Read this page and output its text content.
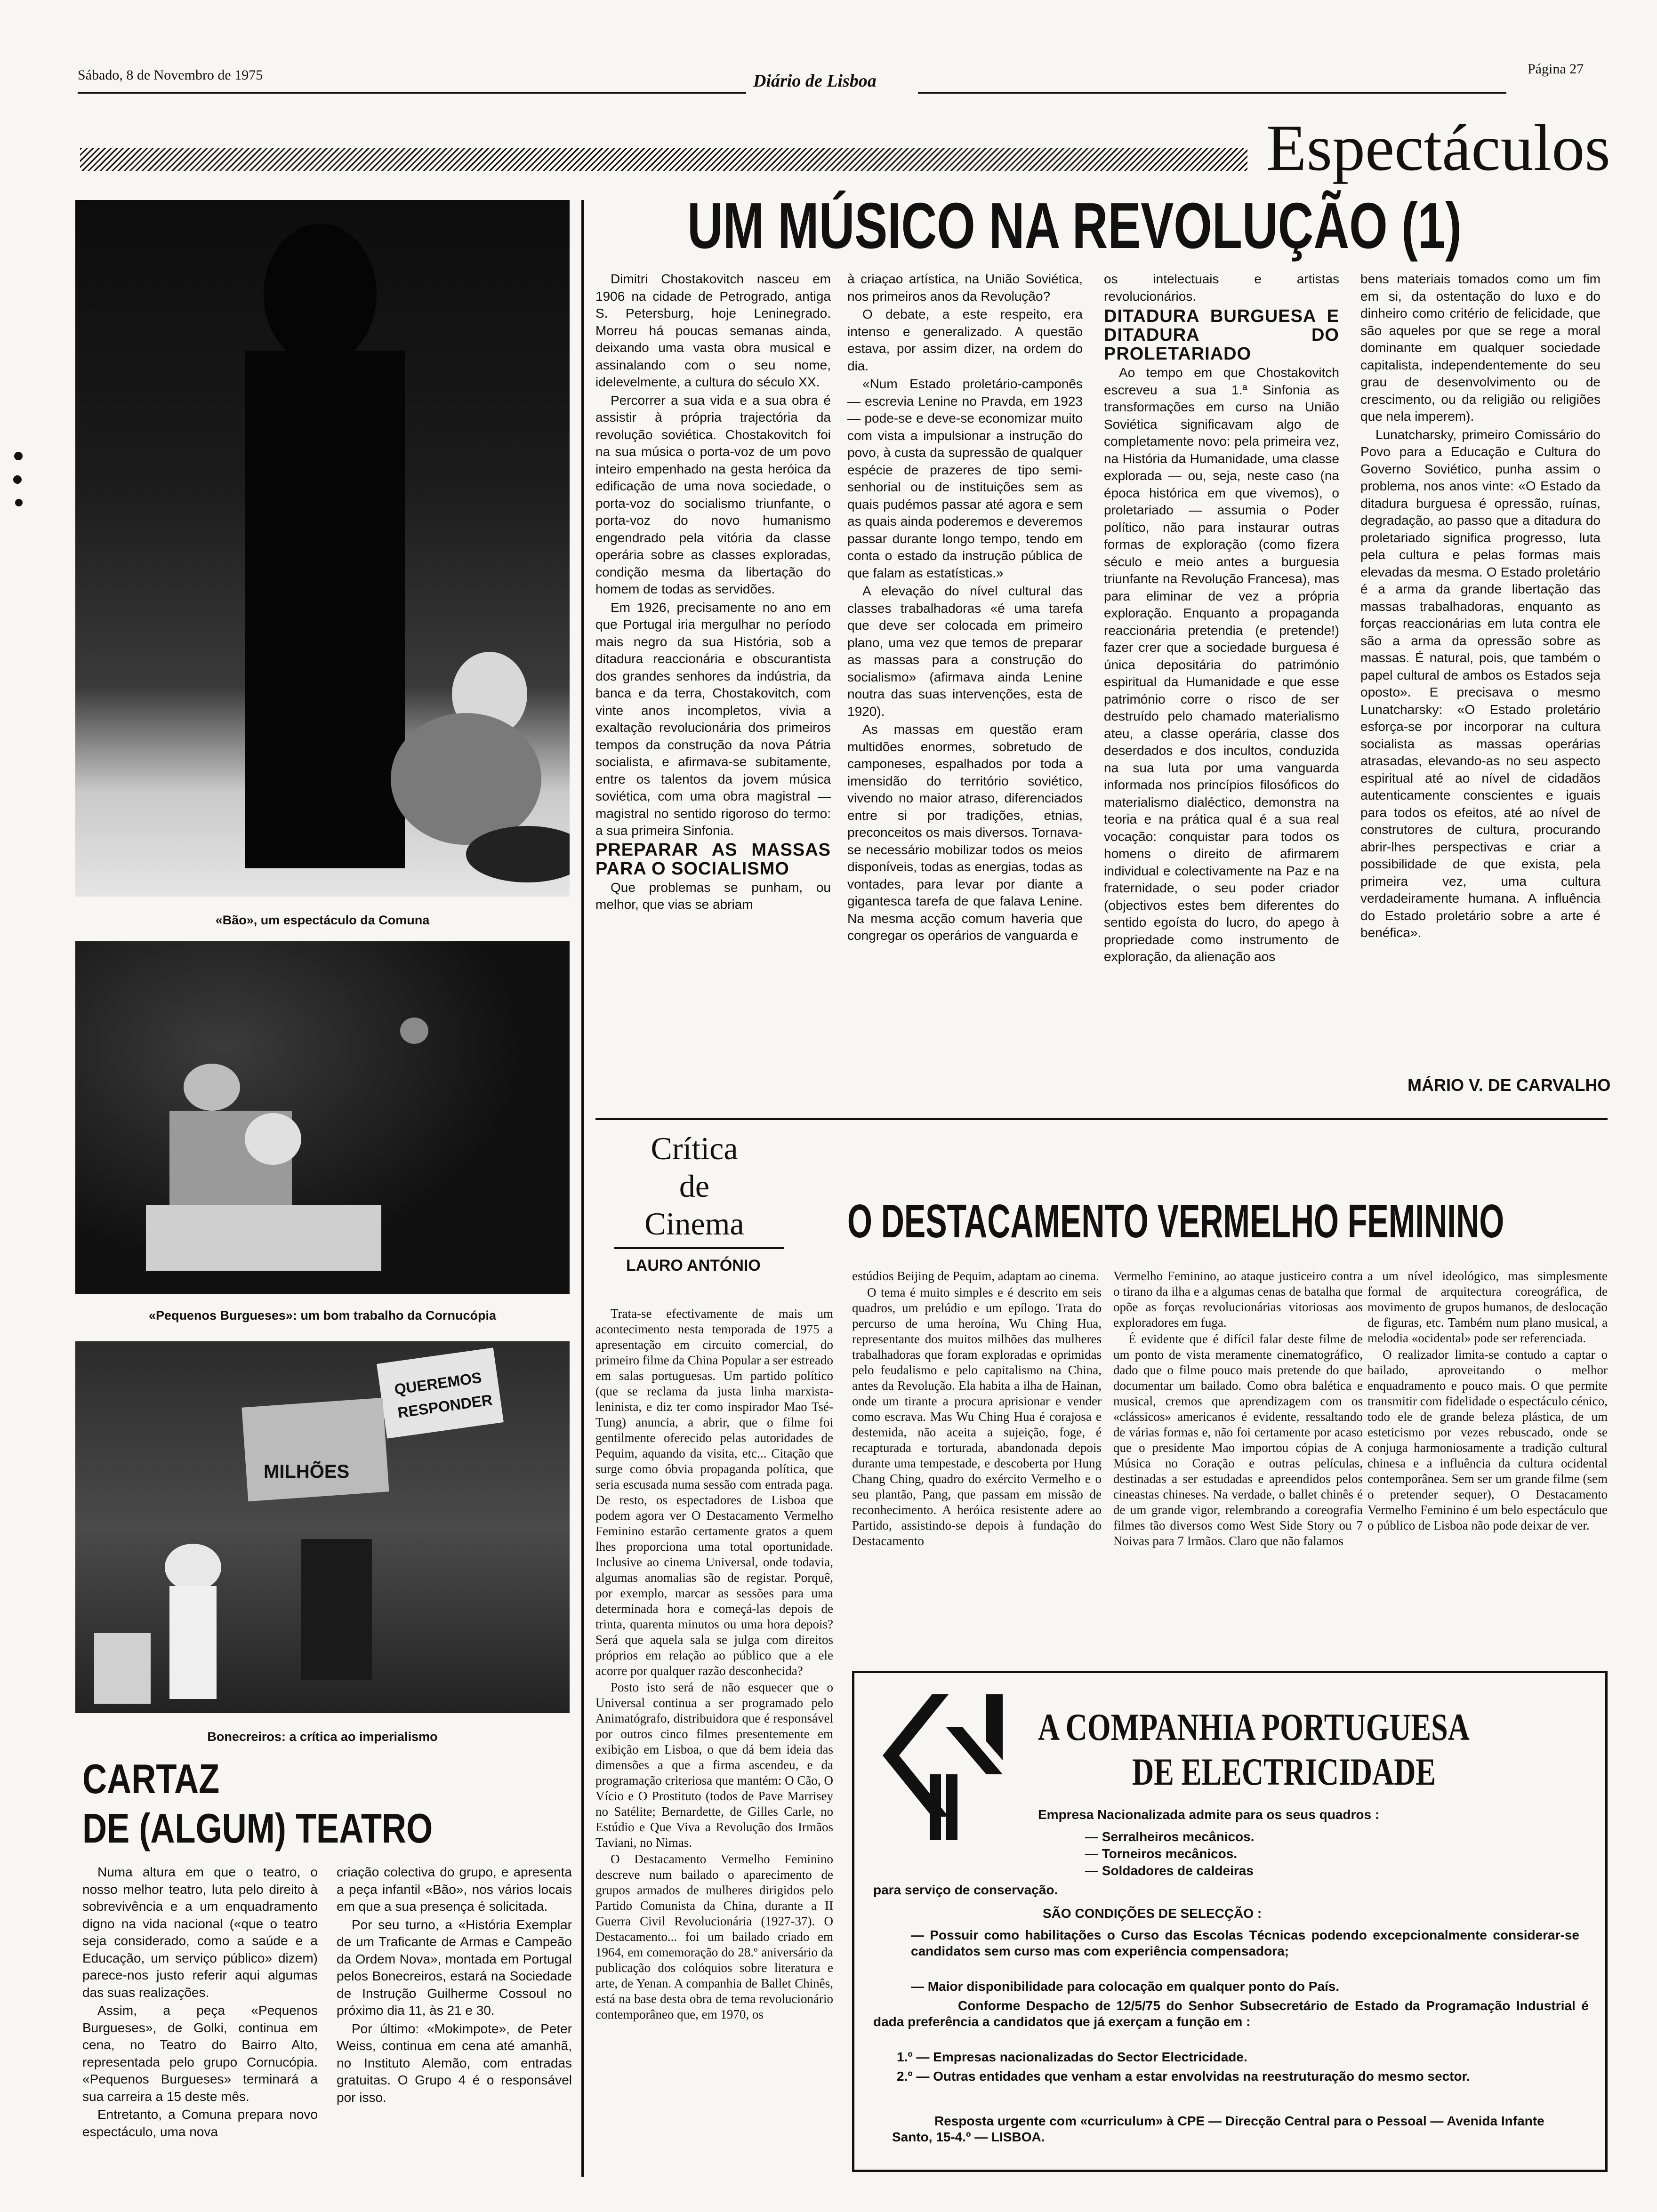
Sábado, 8 de Novembro de 1975	Diário de Lisboa
Página 27
Espectáculos
«Bão», um espectáculo da Comuna
«Pequenos Burgueses»: um bom trabalho da Cornucópia
QUEREMOS
RESPONDER
MILHÕES
Bonecreiros: a crítica ao imperialismo
CARTAZ
DE (ALGUM) TEATRO

Numa altura em que o teatro, o nosso melhor teatro, luta pelo direito à sobrevivência e a um enquadramento digno na vida nacional («que o teatro seja considerado, como a saúde e a Educação, um serviço público» dizem) parece-nos justo referir aqui algumas das suas realizações.

Assim, a peça «Pequenos Burgueses», de Golki, continua em cena, no Teatro do Bairro Alto, representada pelo grupo Cornucópia. «Pequenos Burgueses» terminará a sua carreira a 15 deste mês.

Entretanto, a Comuna prepara novo espectáculo, uma nova

criação colectiva do grupo, e apresenta a peça infantil «Bão», nos vários locais em que a sua presença é solicitada.

Por seu turno, a «História Exemplar de um Traficante de Armas e Campeão da Ordem Nova», montada em Portugal pelos Bonecreiros, estará na Sociedade de Instrução Guilherme Cossoul no próximo dia 11, às 21 e 30.

Por último: «Mokimpote», de Peter Weiss, continua em cena até amanhã, no Instituto Alemão, com entradas gratuitas. O Grupo 4 é o responsável por isso.

UM MÚSICO NA REVOLUÇÃO (1)

Dimitri Chostakovitch nasceu em 1906 na cidade de Petrogrado, antiga S. Petersburg, hoje Leninegrado. Morreu há poucas semanas ainda, deixando uma vasta obra musical e assinalando com o seu nome, idelevelmente, a cultura do século XX.

Percorrer a sua vida e a sua obra é assistir à própria trajectória da revolução soviética. Chostakovitch foi na sua música o porta-voz de um povo inteiro empenhado na gesta heróica da edificação de uma nova sociedade, o porta-voz do socialismo triunfante, o porta-voz do novo humanismo engendrado pela vitória da classe operária sobre as classes exploradas, condição mesma da libertação do homem de todas as servidões.

Em 1926, precisamente no ano em que Portugal iria mergulhar no período mais negro da sua História, sob a ditadura reaccionária e obscurantista dos grandes senhores da indústria, da banca e da terra, Chostakovitch, com vinte anos incompletos, vivia a exaltação revolucionária dos primeiros tempos da construção da nova Pátria socialista, e afirmava-se subitamente, entre os talentos da jovem música soviética, com uma obra magistral — magistral no sentido rigoroso do termo: a sua primeira Sinfonia.

PREPARAR AS MASSAS PARA O SOCIALISMO

Que problemas se punham, ou melhor, que vias se abriam

à criaçao artística, na União Soviética, nos primeiros anos da Revolução?

O debate, a este respeito, era intenso e generalizado. A questão estava, por assim dizer, na ordem do dia.

«Num Estado proletário-camponês — escrevia Lenine no Pravda, em 1923 — pode-se e deve-se economizar muito com vista a impulsionar a instrução do povo, à custa da supressão de qualquer espécie de prazeres de tipo semi-senhorial ou de instituições sem as quais pudémos passar até agora e sem as quais ainda poderemos e deveremos passar durante longo tempo, tendo em conta o estado da instrução pública de que falam as estatísticas.»

A elevação do nível cultural das classes trabalhadoras «é uma tarefa que deve ser colocada em primeiro plano, uma vez que temos de preparar as massas para a construção do socialismo» (afirmava ainda Lenine noutra das suas intervenções, esta de 1920).

As massas em questão eram multidões enormes, sobretudo de camponeses, espalhados por toda a imensidão do território soviético, vivendo no maior atraso, diferenciados entre si por tradições, etnias, preconceitos os mais diversos. Tornava-se necessário mobilizar todos os meios disponíveis, todas as energias, todas as vontades, para levar por diante a gigantesca tarefa de que falava Lenine. Na mesma acção comum haveria que congregar os operários de vanguarda e

os intelectuais e artistas revolucionários.

DITADURA BURGUESA E DITADURA DO PROLETARIADO

Ao tempo em que Chostakovitch escreveu a sua 1.ª Sinfonia as transformações em curso na União Soviética significavam algo de completamente novo: pela primeira vez, na História da Humanidade, uma classe explorada — ou, seja, neste caso (na época histórica em que vivemos), o proletariado — assumia o Poder político, não para instaurar outras formas de exploração (como fizera século e meio antes a burguesia triunfante na Revolução Francesa), mas para eliminar de vez a própria exploração. Enquanto a propaganda reaccionária pretendia (e pretende!) fazer crer que a sociedade burguesa é única depositária do património espiritual da Humanidade e que esse património corre o risco de ser destruído pelo chamado materialismo ateu, a classe operária, classe dos deserdados e dos incultos, conduzida na sua luta por uma vanguarda informada nos princípios filosóficos do materialismo dialéctico, demonstra na teoria e na prática qual é a sua real vocação: conquistar para todos os homens o direito de afirmarem individual e colectivamente na Paz e na fraternidade, o seu poder criador (objectivos estes bem diferentes do sentido egoísta do lucro, do apego à propriedade como instrumento de exploração, da alienação aos

bens materiais tomados como um fim em si, da ostentação do luxo e do dinheiro como critério de felicidade, que são aqueles por que se rege a moral dominante em qualquer sociedade capitalista, independentemente do seu grau de desenvolvimento ou de crescimento, ou da religião ou religiões que nela imperem).

Lunatcharsky, primeiro Comissário do Povo para a Educação e Cultura do Governo Soviético, punha assim o problema, nos anos vinte: «O Estado da ditadura burguesa é opressão, ruínas, degradação, ao passo que a ditadura do proletariado significa progresso, luta pela cultura e pelas formas mais elevadas da mesma. O Estado proletário é a arma da grande libertação das massas trabalhadoras, enquanto as forças reaccionárias em luta contra ele são a arma da opressão sobre as massas. É natural, pois, que também o papel cultural de ambos os Estados seja oposto». E precisava o mesmo Lunatcharsky: «O Estado proletário esforça-se por incorporar na cultura socialista as massas operárias atrasadas, elevando-as no seu aspecto espiritual até ao nível de cidadãos autenticamente conscientes e iguais para todos os efeitos, até ao nível de construtores de cultura, procurando abrir-lhes perspectivas e criar a possibilidade de que exista, pela primeira vez, uma cultura verdadeiramente humana. A influência do Estado proletário sobre a arte é benéfica».

MÁRIO V. DE CARVALHO
Crítica
de
Cinema
LAURO ANTÓNIO
O DESTACAMENTO VERMELHO FEMININO

Trata-se efectivamente de mais um acontecimento nesta temporada de 1975 a apresentação em circuito comercial, do primeiro filme da China Popular a ser estreado em salas portuguesas. Um partido político (que se reclama da justa linha marxista-leninista, e diz ter como inspirador Mao Tsé-Tung) anuncia, a abrir, que o filme foi gentilmente oferecido pelas autoridades de Pequim, aquando da visita, etc... Citação que surge como óbvia propaganda política, que seria escusada numa sessão com entrada paga. De resto, os espectadores de Lisboa que podem agora ver O Destacamento Vermelho Feminino estarão certamente gratos a quem lhes proporciona uma total oportunidade. Inclusive ao cinema Universal, onde todavia, algumas anomalias são de registar. Porquê, por exemplo, marcar as sessões para uma determinada hora e começá-las depois de trinta, quarenta minutos ou uma hora depois? Será que aquela sala se julga com direitos próprios em relação ao público que a ele acorre por qualquer razão desconhecida?

Posto isto será de não esquecer que o Universal continua a ser programado pelo Animatógrafo, distribuidora que é responsável por outros cinco filmes presentemente em exibição em Lisboa, o que dá bem ideia das dimensões a que a firma ascendeu, e da programação criteriosa que mantém: O Cão, O Vício e O Prostituto (todos de Pave Marrisey no Satélite; Bernardette, de Gilles Carle, no Estúdio e Que Viva a Revolução dos Irmãos Taviani, no Nimas.

O Destacamento Vermelho Feminino descreve num bailado o aparecimento de grupos armados de mulheres dirigidos pelo Partido Comunista da China, durante a II Guerra Civil Revolucionária (1927-37). O Destacamento... foi um bailado criado em 1964, em comemoração do 28.º aniversário da publicação dos colóquios sobre literatura e arte, de Yenan. A companhia de Ballet Chinês, está na base desta obra de tema revolucionário contemporâneo que, em 1970, os

estúdios Beijing de Pequim, adaptam ao cinema.

O tema é muito simples e é descrito em seis quadros, um prelúdio e um epílogo. Trata do percurso de uma heroína, Wu Ching Hua, representante dos muitos milhões das mulheres trabalhadoras que foram exploradas e oprimidas pelo feudalismo e pelo capitalismo na China, antes da Revolução. Ela habita a ilha de Hainan, onde um tirante a procura aprisionar e vender como escrava. Mas Wu Ching Hua é corajosa e destemida, não aceita a sujeição, foge, é recapturada e torturada, abandonada depois durante uma tempestade, e descoberta por Hung Chang Ching, quadro do exército Vermelho e o seu plantão, Pang, que passam em missão de reconhecimento. A heróica resistente adere ao Partido, assistindo-se depois à fundação do Destacamento

Vermelho Feminino, ao ataque justiceiro contra o tirano da ilha e a algumas cenas de batalha que opõe as forças revolucionárias vitoriosas aos exploradores em fuga.

É evidente que é difícil falar deste filme de um ponto de vista meramente cinematográfico, dado que o filme pouco mais pretende do que documentar um bailado. Como obra balética e musical, cremos que aprendizagem com os «clássicos» americanos é evidente, ressaltando de várias formas e, não foi certamente por acaso que o presidente Mao importou cópias de A Música no Coração e outras películas, destinadas a ser estudadas e apreendidos pelos cineastas chineses. Na verdade, o ballet chinês é de um grande vigor, relembrando a coreografia filmes tão diversos como West Side Story ou 7 Noivas para 7 Irmãos. Claro que não falamos

a um nível ideológico, mas simplesmente formal de arquitectura coreográfica, de movimento de grupos humanos, de deslocação de figuras, etc. Também num plano musical, a melodia «ocidental» pode ser referenciada.

O realizador limita-se contudo a captar o bailado, aproveitando o melhor enquadramento e pouco mais. O que permite transmitir com fidelidade o espectáculo cénico, todo ele de grande beleza plástica, de um esteticismo por vezes rebuscado, onde se conjuga harmoniosamente a tradição cultural chinesa e a influência da cultura ocidental contemporânea. Sem ser um grande filme (sem o pretender sequer), O Destacamento Vermelho Feminino é um belo espectáculo que o público de Lisboa não pode deixar de ver.

A COMPANHIA PORTUGUESA
DE ELECTRICIDADE
Empresa Nacionalizada admite para os seus quadros :
— Serralheiros mecânicos.
— Torneiros mecânicos.
— Soldadores de caldeiras
para serviço de conservação.
SÃO CONDIÇÕES DE SELECÇÃO :
— Possuir como habilitações o Curso das Escolas Técnicas podendo excepcionalmente considerar-se candidatos sem curso mas com experiência compensadora;
— Maior disponibilidade para colocação em qualquer ponto do País.
Conforme Despacho de 12/5/75 do Senhor Subsecretário de Estado da Programação Industrial é dada preferência a candidatos que já exerçam a função em :
1.º — Empresas nacionalizadas do Sector Electricidade.
2.º — Outras entidades que venham a estar envolvidas na reestruturação do mesmo sector.
Resposta urgente com «curriculum» à CPE — Direcção Central para o Pessoal — Avenida Infante Santo, 15-4.º — LISBOA.
